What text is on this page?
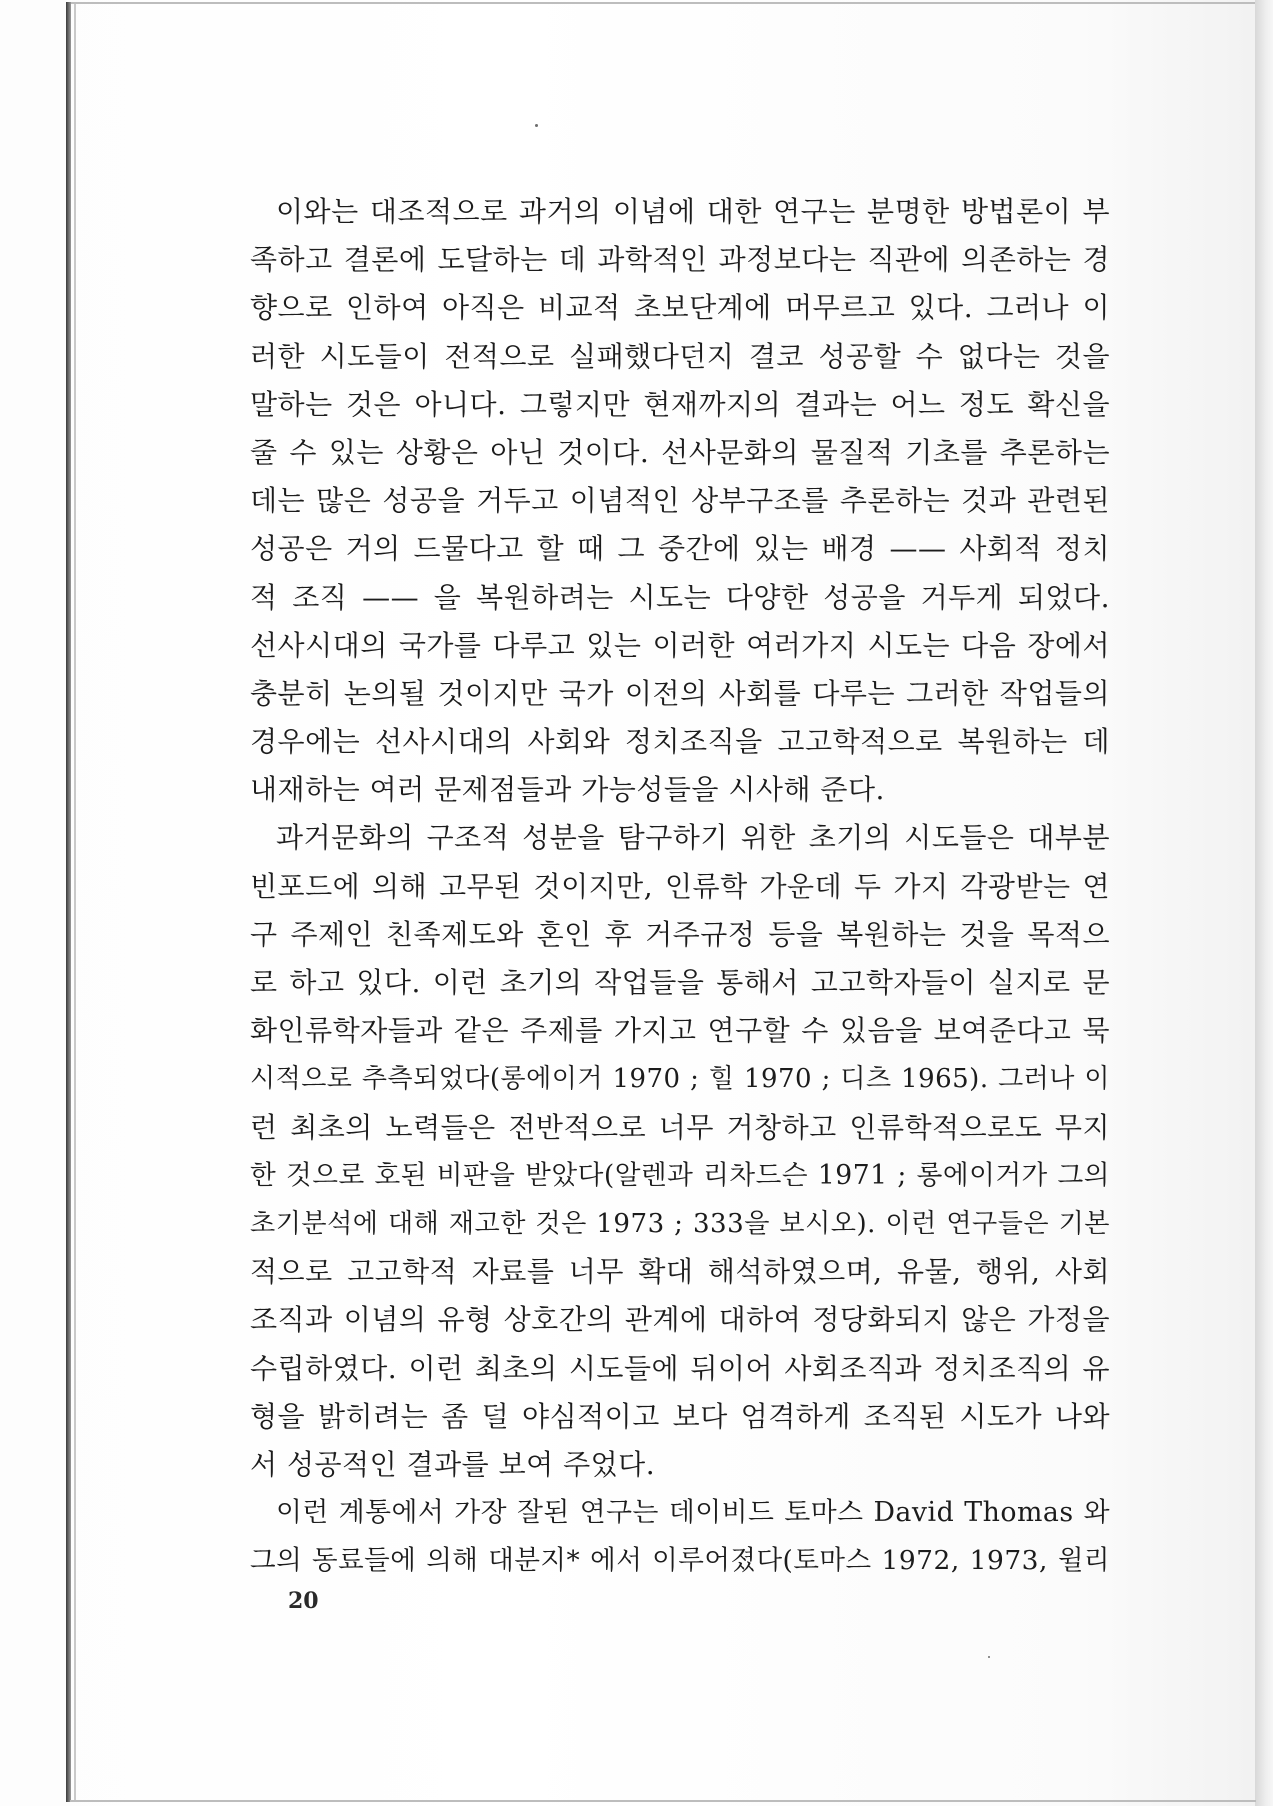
이와는 대조적으로 과거의 이념에 대한 연구는 분명한 방법론이 부
족하고 결론에 도달하는 데 과학적인 과정보다는 직관에 의존하는 경
향으로 인하여 아직은 비교적 초보단계에 머무르고 있다. 그러나 이
러한 시도들이 전적으로 실패했다던지 결코 성공할 수 없다는 것을
말하는 것은 아니다. 그렇지만 현재까지의 결과는 어느 정도 확신을
줄 수 있는 상황은 아닌 것이다. 선사문화의 물질적 기초를 추론하는
데는 많은 성공을 거두고 이념적인 상부구조를 추론하는 것과 관련된
성공은 거의 드물다고 할 때 그 중간에 있는 배경 —— 사회적 정치
적 조직 —— 을 복원하려는 시도는 다양한 성공을 거두게 되었다.
선사시대의 국가를 다루고 있는 이러한 여러가지 시도는 다음 장에서
충분히 논의될 것이지만 국가 이전의 사회를 다루는 그러한 작업들의
경우에는 선사시대의 사회와 정치조직을 고고학적으로 복원하는 데
내재하는 여러 문제점들과 가능성들을 시사해 준다.
과거문화의 구조적 성분을 탐구하기 위한 초기의 시도들은 대부분
빈포드에 의해 고무된 것이지만, 인류학 가운데 두 가지 각광받는 연
구 주제인 친족제도와 혼인 후 거주규정 등을 복원하는 것을 목적으
로 하고 있다. 이런 초기의 작업들을 통해서 고고학자들이 실지로 문
화인류학자들과 같은 주제를 가지고 연구할 수 있음을 보여준다고 묵
시적으로 추측되었다(롱에이거 1970 ; 힐 1970 ; 디츠 1965). 그러나 이
런 최초의 노력들은 전반적으로 너무 거창하고 인류학적으로도 무지
한 것으로 호된 비판을 받았다(알렌과 리차드슨 1971 ; 롱에이거가 그의
초기분석에 대해 재고한 것은 1973 ; 333을 보시오). 이런 연구들은 기본
적으로 고고학적 자료를 너무 확대 해석하였으며, 유물, 행위, 사회
조직과 이념의 유형 상호간의 관계에 대하여 정당화되지 않은 가정을
수립하였다. 이런 최초의 시도들에 뒤이어 사회조직과 정치조직의 유
형을 밝히려는 좀 덜 야심적이고 보다 엄격하게 조직된 시도가 나와
서 성공적인 결과를 보여 주었다.
이런 계통에서 가장 잘된 연구는 데이비드 토마스 David Thomas 와
그의 동료들에 의해 대분지* 에서 이루어졌다(토마스 1972, 1973, 윌리
20
